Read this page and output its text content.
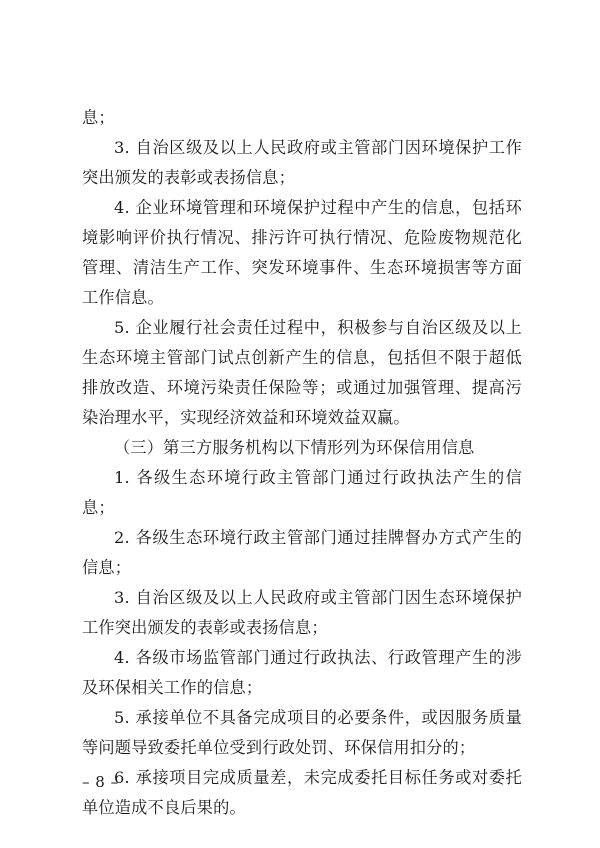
息；

3. 自治区级及以上人民政府或主管部门因环境保护工作突出颁发的表彰或表扬信息；

4. 企业环境管理和环境保护过程中产生的信息，包括环境影响评价执行情况、排污许可执行情况、危险废物规范化管理、清洁生产工作、突发环境事件、生态环境损害等方面工作信息。

5. 企业履行社会责任过程中，积极参与自治区级及以上生态环境主管部门试点创新产生的信息，包括但不限于超低排放改造、环境污染责任保险等；或通过加强管理、提高污染治理水平，实现经济效益和环境效益双赢。

（三）第三方服务机构以下情形列为环保信用信息

1. 各级生态环境行政主管部门通过行政执法产生的信息；

2. 各级生态环境行政主管部门通过挂牌督办方式产生的信息；

3. 自治区级及以上人民政府或主管部门因生态环境保护工作突出颁发的表彰或表扬信息；

4. 各级市场监管部门通过行政执法、行政管理产生的涉及环保相关工作的信息；

5. 承接单位不具备完成项目的必要条件，或因服务质量等问题导致委托单位受到行政处罚、环保信用扣分的；

6. 承接项目完成质量差，未完成委托目标任务或对委托单位造成不良后果的。

– 8 –
